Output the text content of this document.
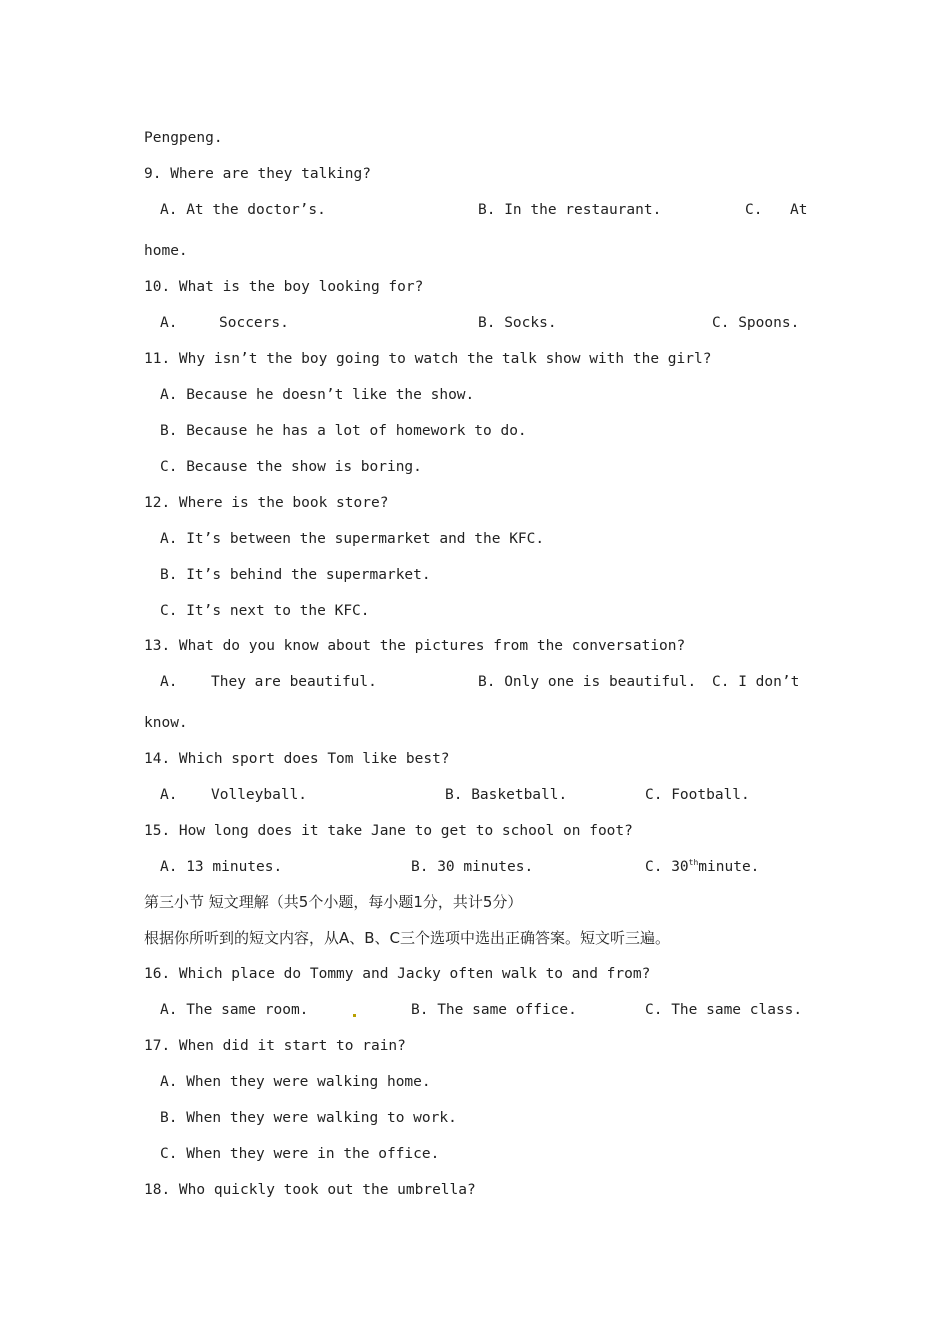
Pengpeng.
9. Where are they talking?
A. At the doctor’s.	B. In the restaurant.	C. At
home.
10. What is the boy looking for?
A.	Soccers.	B. Socks.	C. Spoons.
11. Why isn’t the boy going to watch the talk show with the girl?
A. Because he doesn’t like the show.
B. Because he has a lot of homework to do.
C. Because the show is boring.
12. Where is the book store?
A. It’s between the supermarket and the KFC.
B. It’s behind the supermarket.
C. It’s next to the KFC.
13. What do you know about the pictures from the conversation?
A. They are beautiful.	B. Only one is beautiful. C. I don’t
know.
14. Which sport does Tom like best?
A. Volleyball.	B. Basketball.	C. Football.
15. How long does it take Jane to get to school on foot?
A. 13 minutes.	B. 30 minutes.	C. 30thminute.
第三小节 短文理解（共5个小题，每小题1分，共计5分）
根据你所听到的短文内容，从A、B、C三个选项中选出正确答案。短文听三遍。
16. Which place do Tommy and Jacky often walk to and from?
A. The same room.	B. The same office.	C. The same class.
17. When did it start to rain?
A. When they were walking home.
B. When they were walking to work.
C. When they were in the office.
18. Who quickly took out the umbrella?
